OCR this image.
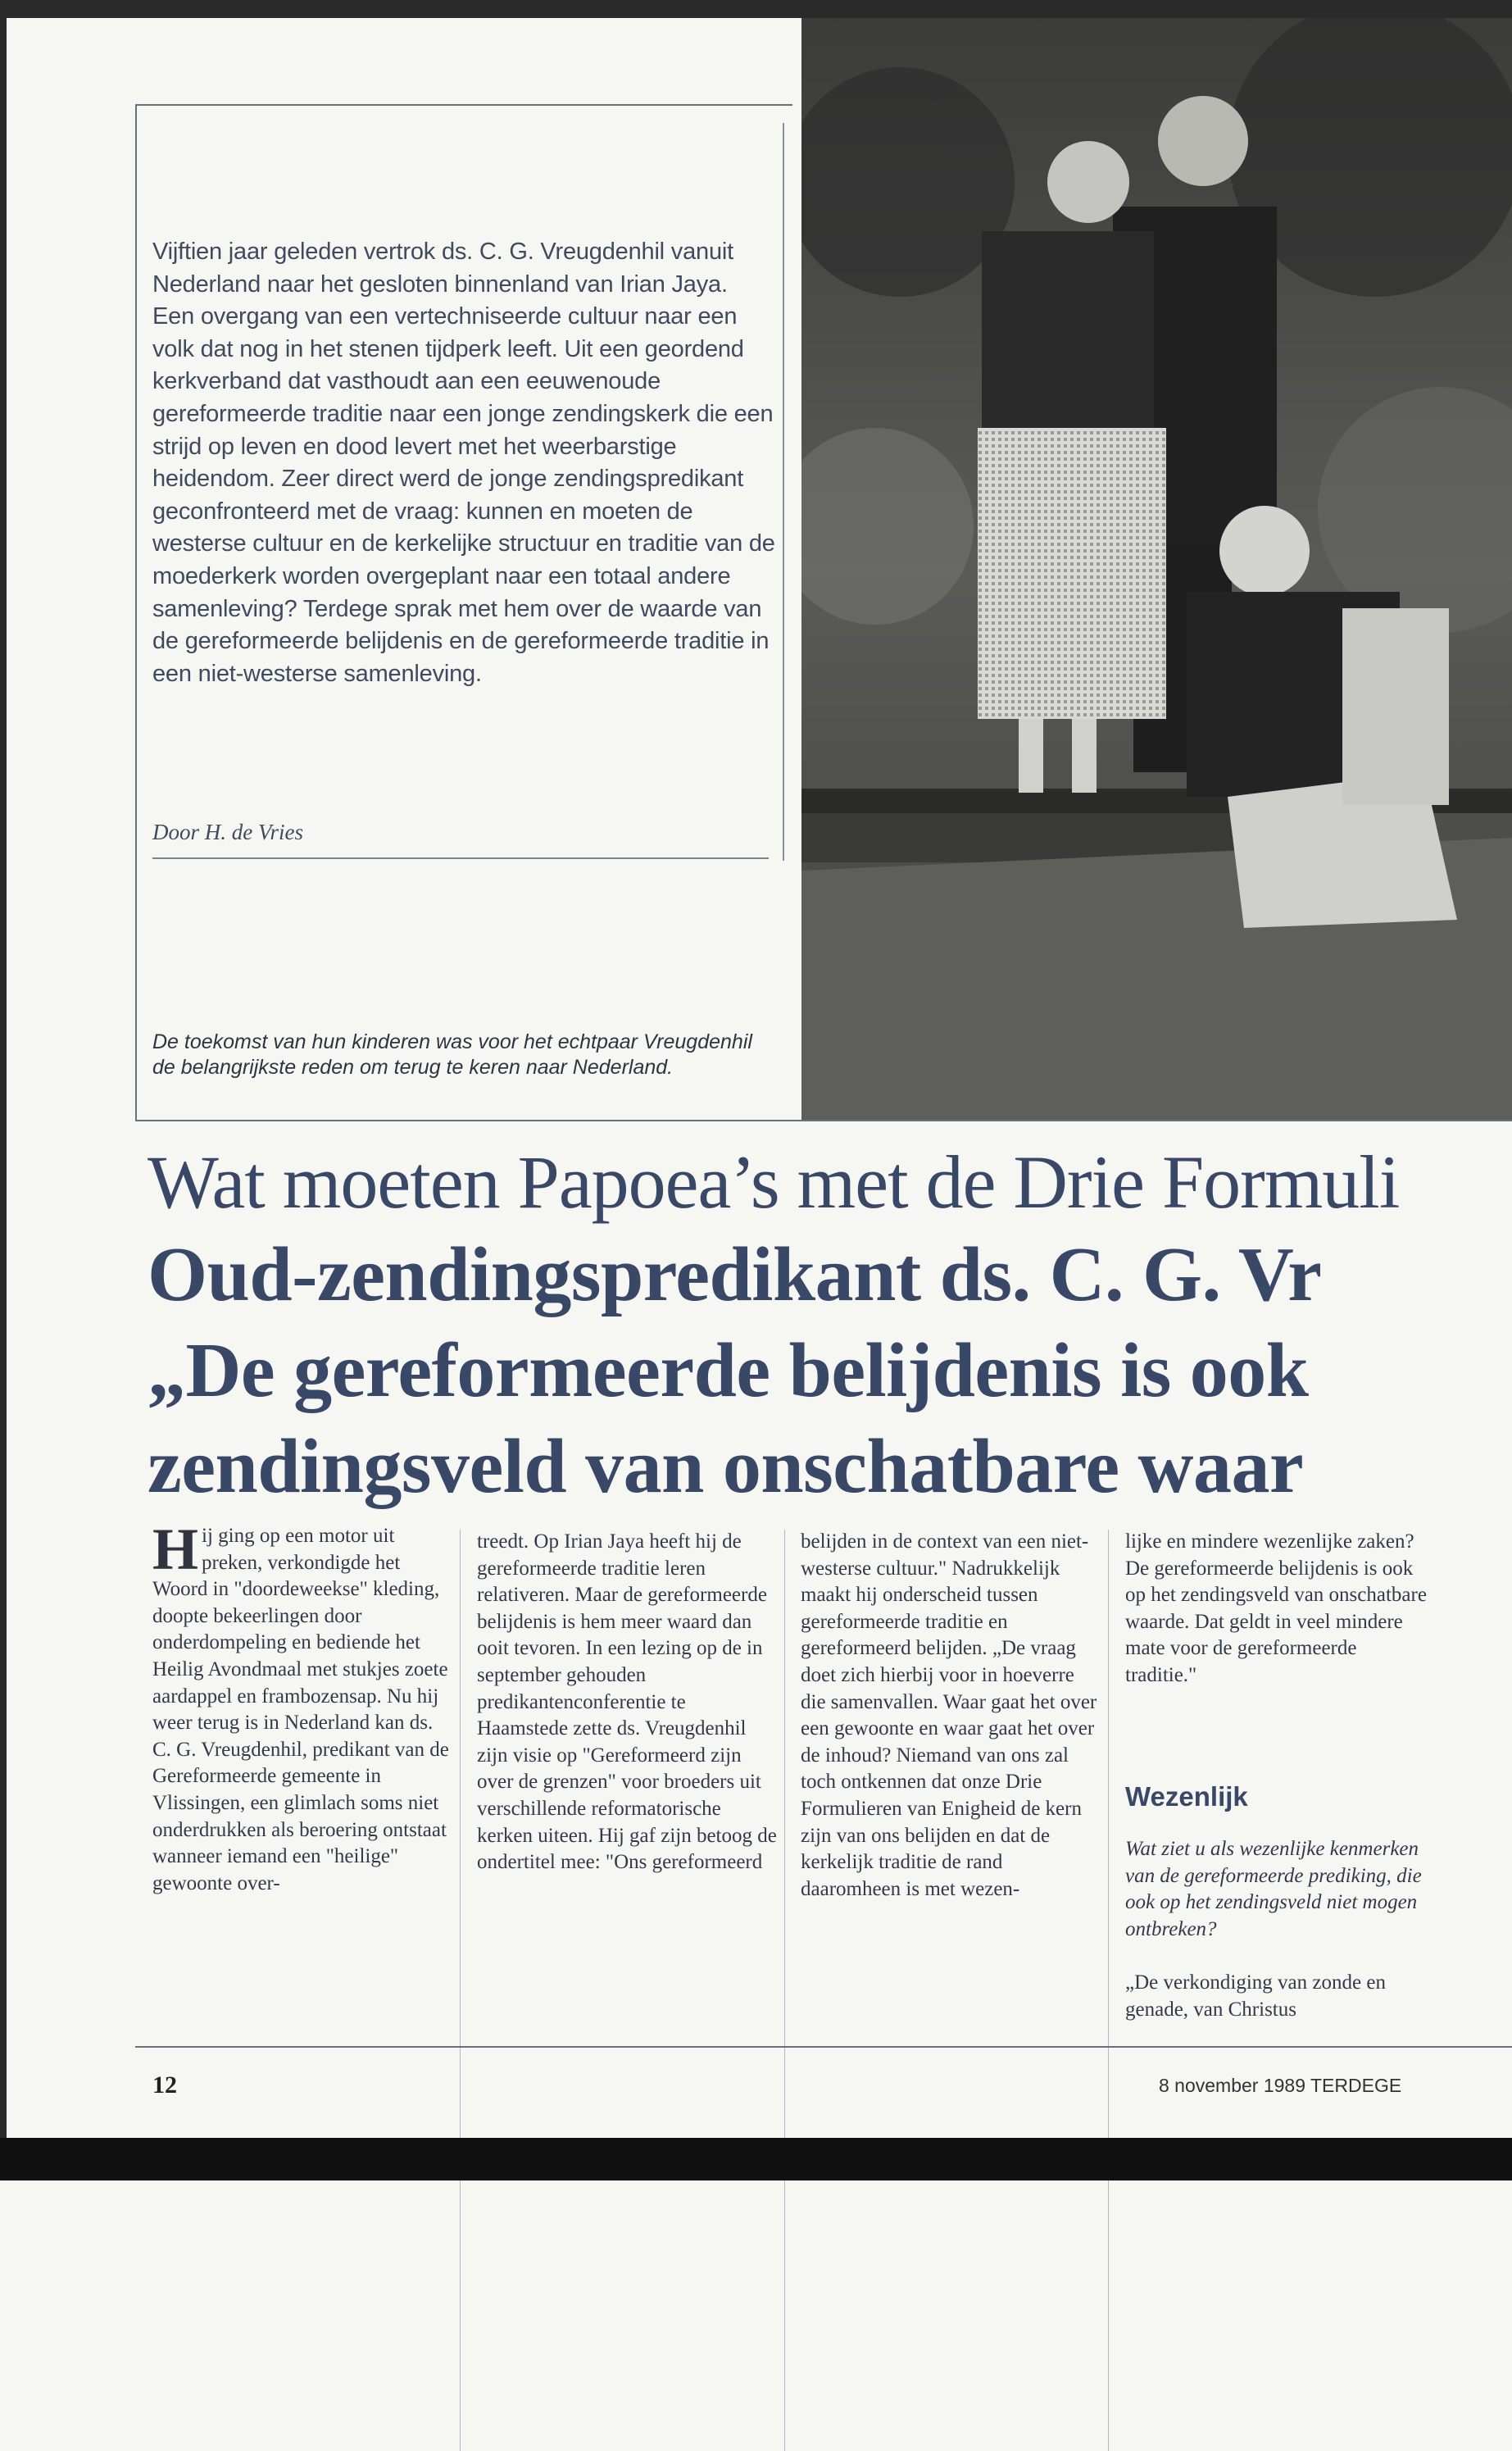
Vijftien jaar geleden vertrok ds. C. G. Vreugdenhil vanuit Nederland naar het gesloten binnenland van Irian Jaya. Een overgang van een vertechniseerde cultuur naar een volk dat nog in het stenen tijdperk leeft. Uit een geordend kerkverband dat vasthoudt aan een eeuwenoude gereformeerde traditie naar een jonge zendingskerk die een strijd op leven en dood levert met het weerbarstige heidendom. Zeer direct werd de jonge zendingspredikant geconfronteerd met de vraag: kunnen en moeten de westerse cultuur en de kerkelijke structuur en traditie van de moederkerk worden overgeplant naar een totaal andere samenleving? Terdege sprak met hem over de waarde van de gereformeerde belijdenis en de gereformeerde traditie in een niet-westerse samenleving.

Door H. de Vries

De toekomst van hun kinderen was voor het echtpaar Vreugdenhil de belangrijkste reden om terug te keren naar Nederland.

Wat moeten Papoea’s met de Drie Formuli
Oud-zendingspredikant ds. C. G. Vr
„De gereformeerde belijdenis is ook
zendingsveld van onschatbare waar

Hij ging op een motor uit preken, verkondigde het Woord in "doordeweekse" kleding, doopte bekeerlingen door onderdompeling en bediende het Heilig Avondmaal met stukjes zoete aardappel en frambozensap. Nu hij weer terug is in Nederland kan ds. C. G. Vreugdenhil, predikant van de Gereformeerde gemeente in Vlissingen, een glimlach soms niet onderdrukken als beroering ontstaat wanneer iemand een "heilige" gewoonte over-

treedt. Op Irian Jaya heeft hij de gereformeerde traditie leren relativeren. Maar de gereformeerde belijdenis is hem meer waard dan ooit tevoren. In een lezing op de in september gehouden predikantenconferentie te Haamstede zette ds. Vreugdenhil zijn visie op "Gereformeerd zijn over de grenzen" voor broeders uit verschillende reformatorische kerken uiteen. Hij gaf zijn betoog de ondertitel mee: "Ons gereformeerd

belijden in de context van een niet-westerse cultuur." Nadrukkelijk maakt hij onderscheid tussen gereformeerde traditie en gereformeerd belijden. „De vraag doet zich hierbij voor in hoeverre die samenvallen. Waar gaat het over een gewoonte en waar gaat het over de inhoud? Niemand van ons zal toch ontkennen dat onze Drie Formulieren van Enigheid de kern zijn van ons belijden en dat de kerkelijk traditie de rand daaromheen is met wezen-

lijke en mindere wezenlijke zaken? De gereformeerde belijdenis is ook op het zendingsveld van onschatbare waarde. Dat geldt in veel mindere mate voor de gereformeerde traditie."

Wezenlijk

Wat ziet u als wezenlijke kenmerken van de gereformeerde prediking, die ook op het zendingsveld niet mogen ontbreken?

„De verkondiging van zonde en genade, van Christus

12	8 november 1989 TERDEGE
